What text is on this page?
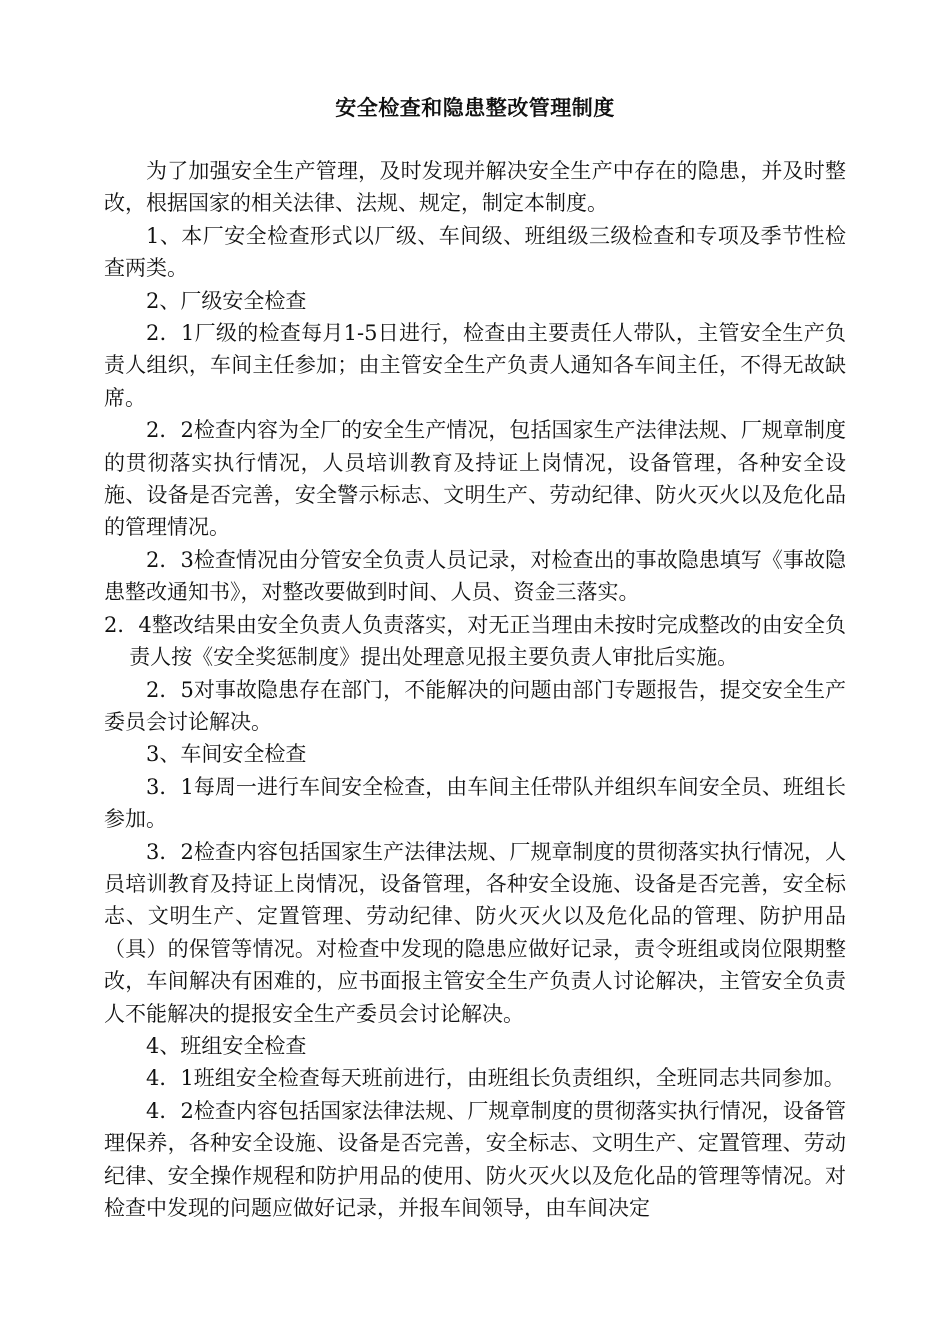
安全检查和隐患整改管理制度

为了加强安全生产管理，及时发现并解决安全生产中存在的隐患，并及时整改，根据国家的相关法律、法规、规定，制定本制度。

1、本厂安全检查形式以厂级、车间级、班组级三级检查和专项及季节性检查两类。

2、厂级安全检查

2．1厂级的检查每月1-5日进行，检查由主要责任人带队，主管安全生产负责人组织，车间主任参加；由主管安全生产负责人通知各车间主任，不得无故缺席。

2．2检查内容为全厂的安全生产情况，包括国家生产法律法规、厂规章制度的贯彻落实执行情况，人员培训教育及持证上岗情况，设备管理，各种安全设施、设备是否完善，安全警示标志、文明生产、劳动纪律、防火灭火以及危化品的管理情况。

2．3检查情况由分管安全负责人员记录，对检查出的事故隐患填写《事故隐患整改通知书》，对整改要做到时间、人员、资金三落实。

2．4整改结果由安全负责人负责落实，对无正当理由未按时完成整改的由安全负责人按《安全奖惩制度》提出处理意见报主要负责人审批后实施。

2．5对事故隐患存在部门，不能解决的问题由部门专题报告，提交安全生产委员会讨论解决。

3、车间安全检查

3．1每周一进行车间安全检查，由车间主任带队并组织车间安全员、班组长参加。

3．2检查内容包括国家生产法律法规、厂规章制度的贯彻落实执行情况，人员培训教育及持证上岗情况，设备管理，各种安全设施、设备是否完善，安全标志、文明生产、定置管理、劳动纪律、防火灭火以及危化品的管理、防护用品（具）的保管等情况。对检查中发现的隐患应做好记录，责令班组或岗位限期整改，车间解决有困难的，应书面报主管安全生产负责人讨论解决，主管安全负责人不能解决的提报安全生产委员会讨论解决。

4、班组安全检查

4．1班组安全检查每天班前进行，由班组长负责组织，全班同志共同参加。

4．2检查内容包括国家法律法规、厂规章制度的贯彻落实执行情况，设备管理保养，各种安全设施、设备是否完善，安全标志、文明生产、定置管理、劳动纪律、安全操作规程和防护用品的使用、防火灭火以及危化品的管理等情况。对检查中发现的问题应做好记录，并报车间领导，由车间决定
